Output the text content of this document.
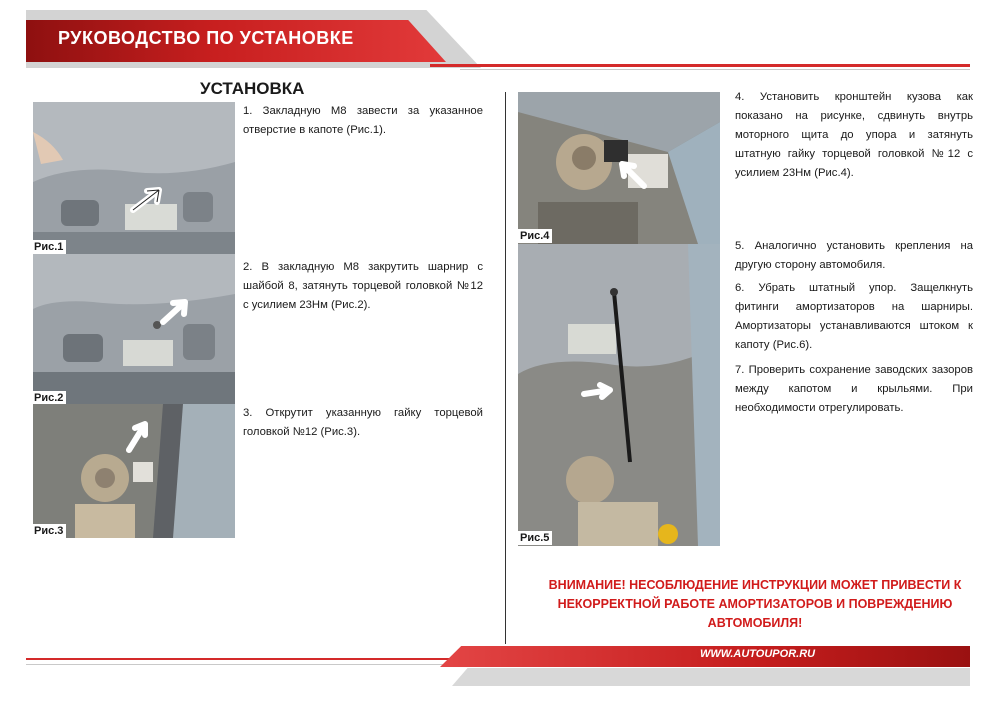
РУКОВОДСТВО ПО УСТАНОВКЕ
УСТАНОВКА
Рис.1
Рис.2
Рис.3
Рис.4
Рис.5
1. Закладную М8 завести за указанное отверстие в капоте (Рис.1).
2. В закладную М8 закрутить шарнир с шайбой 8, затянуть торцевой головкой №12 с усилием 23Нм (Рис.2).
3. Открутит указанную гайку торцевой головкой №12 (Рис.3).
4. Установить кронштейн кузова как показано на рисунке, сдвинуть внутрь моторного щита до упора и затянуть штатную гайку торцевой головкой №12 с усилием 23Нм (Рис.4).
5. Аналогично установить крепления на другую сторону автомобиля.
6. Убрать штатный упор. Защелкнуть фитинги амортизаторов на шарниры. Амортизаторы устанавливаются штоком к капоту (Рис.6).
7. Проверить сохранение заводских зазоров между капотом и крыльями. При необходимости отрегулировать.
ВНИМАНИЕ! НЕСОБЛЮДЕНИЕ ИНСТРУКЦИИ МОЖЕТ ПРИВЕСТИ К НЕКОРРЕКТНОЙ РАБОТЕ АМОРТИЗАТОРОВ И ПОВРЕЖДЕНИЮ АВТОМОБИЛЯ!
WWW.AUTOUPOR.RU
